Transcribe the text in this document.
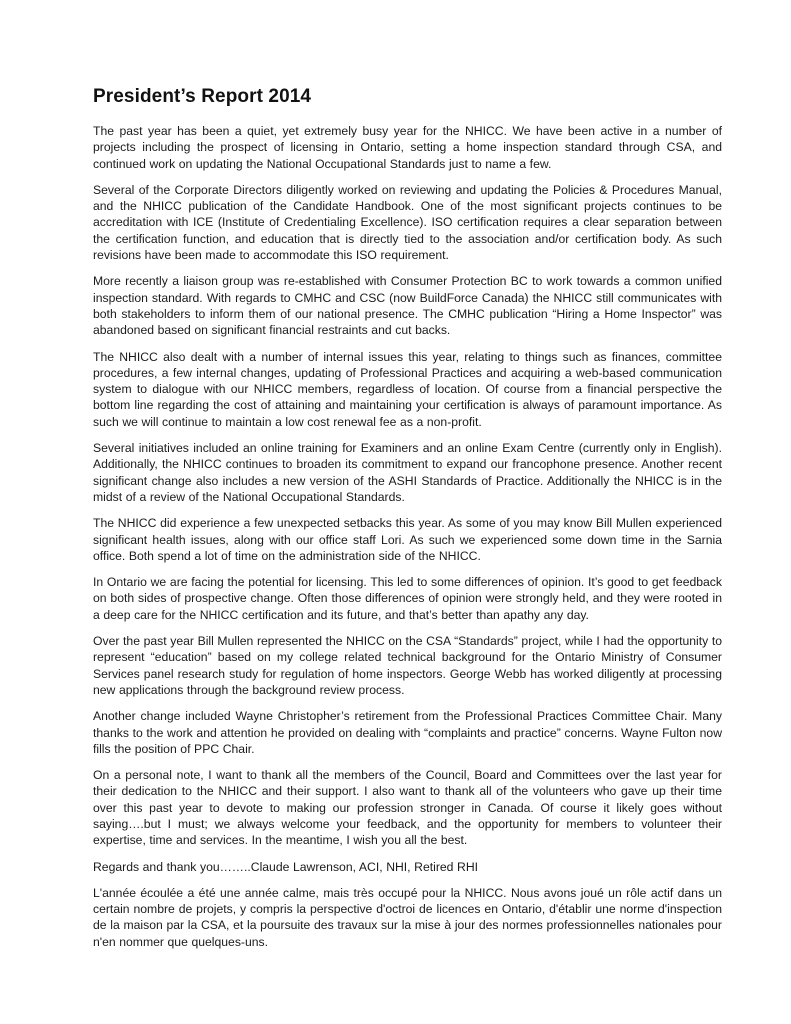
President’s Report 2014

The past year has been a quiet, yet extremely busy year for the NHICC. We have been active in a number of projects including the prospect of licensing in Ontario, setting a home inspection standard through CSA, and continued work on updating the National Occupational Standards just to name a few.

Several of the Corporate Directors diligently worked on reviewing and updating the Policies & Procedures Manual, and the NHICC publication of the Candidate Handbook. One of the most significant projects continues to be accreditation with ICE (Institute of Credentialing Excellence). ISO certification requires a clear separation between the certification function, and education that is directly tied to the association and/or certification body. As such revisions have been made to accommodate this ISO requirement.

More recently a liaison group was re-established with Consumer Protection BC to work towards a common unified inspection standard. With regards to CMHC and CSC (now BuildForce Canada) the NHICC still communicates with both stakeholders to inform them of our national presence. The CMHC publication “Hiring a Home Inspector” was abandoned based on significant financial restraints and cut backs.

The NHICC also dealt with a number of internal issues this year, relating to things such as finances, committee procedures, a few internal changes, updating of Professional Practices and acquiring a web-based communication system to dialogue with our NHICC members, regardless of location. Of course from a financial perspective the bottom line regarding the cost of attaining and maintaining your certification is always of paramount importance. As such we will continue to maintain a low cost renewal fee as a non-profit.

Several initiatives included an online training for Examiners and an online Exam Centre (currently only in English). Additionally, the NHICC continues to broaden its commitment to expand our francophone presence. Another recent significant change also includes a new version of the ASHI Standards of Practice. Additionally the NHICC is in the midst of a review of the National Occupational Standards.

The NHICC did experience a few unexpected setbacks this year. As some of you may know Bill Mullen experienced significant health issues, along with our office staff Lori. As such we experienced some down time in the Sarnia office. Both spend a lot of time on the administration side of the NHICC.

In Ontario we are facing the potential for licensing. This led to some differences of opinion. It’s good to get feedback on both sides of prospective change. Often those differences of opinion were strongly held, and they were rooted in a deep care for the NHICC certification and its future, and that’s better than apathy any day.

Over the past year Bill Mullen represented the NHICC on the CSA “Standards” project, while I had the opportunity to represent “education” based on my college related technical background for the Ontario Ministry of Consumer Services panel research study for regulation of home inspectors. George Webb has worked diligently at processing new applications through the background review process.

Another change included Wayne Christopher’s retirement from the Professional Practices Committee Chair. Many thanks to the work and attention he provided on dealing with “complaints and practice” concerns. Wayne Fulton now fills the position of PPC Chair.

On a personal note, I want to thank all the members of the Council, Board and Committees over the last year for their dedication to the NHICC and their support. I also want to thank all of the volunteers who gave up their time over this past year to devote to making our profession stronger in Canada. Of course it likely goes without saying….but I must; we always welcome your feedback, and the opportunity for members to volunteer their expertise, time and services. In the meantime, I wish you all the best.

Regards and thank you……..Claude Lawrenson, ACI, NHI, Retired RHI

L'année écoulée a été une année calme, mais très occupé pour la NHICC. Nous avons joué un rôle actif dans un certain nombre de projets, y compris la perspective d'octroi de licences en Ontario, d'établir une norme d'inspection de la maison par la CSA, et la poursuite des travaux sur la mise à jour des normes professionnelles nationales pour n'en nommer que quelques-uns.
